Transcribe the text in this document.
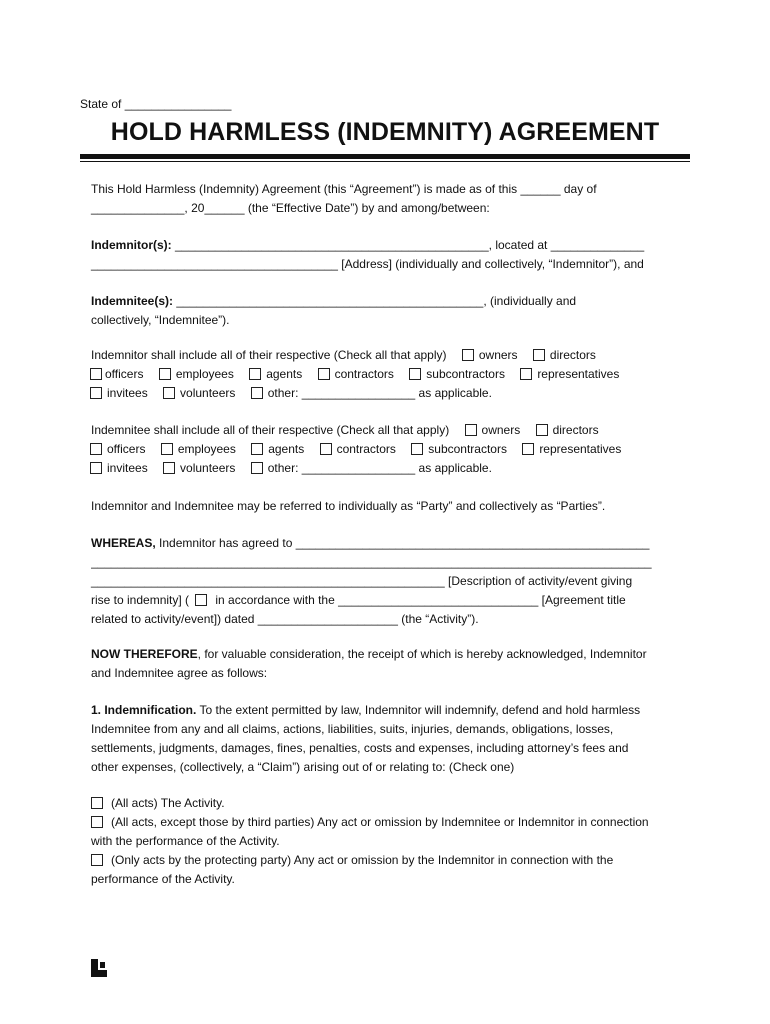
State of ________________
HOLD HARMLESS (INDEMNITY) AGREEMENT
This Hold Harmless (Indemnity) Agreement (this “Agreement”) is made as of this ______ day of
______________, 20______ (the “Effective Date”) by and among/between:
Indemnitor(s): _______________________________________________, located at ______________
_____________________________________ [Address] (individually and collectively, “Indemnitor”), and
Indemnitee(s): ______________________________________________, (individually and
collectively, “Indemnitee”).
Indemnitor shall include all of their respective (Check all that apply)	owners	directors
officers	employees	agents	contractors	subcontractors	representatives
invitees	volunteers	other: _________________ as applicable.
Indemnitee shall include all of their respective (Check all that apply)	owners	directors
officers	employees	agents	contractors	subcontractors	representatives
invitees	volunteers	other: _________________ as applicable.
Indemnitor and Indemnitee may be referred to individually as “Party” and collectively as “Parties”.
WHEREAS, Indemnitor has agreed to _____________________________________________________
____________________________________________________________________________________
_____________________________________________________ [Description of activity/event giving
rise to indemnity] ( in accordance with the ______________________________ [Agreement title
related to activity/event]) dated _____________________ (the “Activity”).
NOW THEREFORE, for valuable consideration, the receipt of which is hereby acknowledged, Indemnitor
and Indemnitee agree as follows:
1. Indemnification. To the extent permitted by law, Indemnitor will indemnify, defend and hold harmless
Indemnitee from any and all claims, actions, liabilities, suits, injuries, demands, obligations, losses,
settlements, judgments, damages, fines, penalties, costs and expenses, including attorney’s fees and
other expenses, (collectively, a “Claim”) arising out of or relating to: (Check one)
(All acts) The Activity.
(All acts, except those by third parties) Any act or omission by Indemnitee or Indemnitor in connection
with the performance of the Activity.
(Only acts by the protecting party) Any act or omission by the Indemnitor in connection with the
performance of the Activity.
